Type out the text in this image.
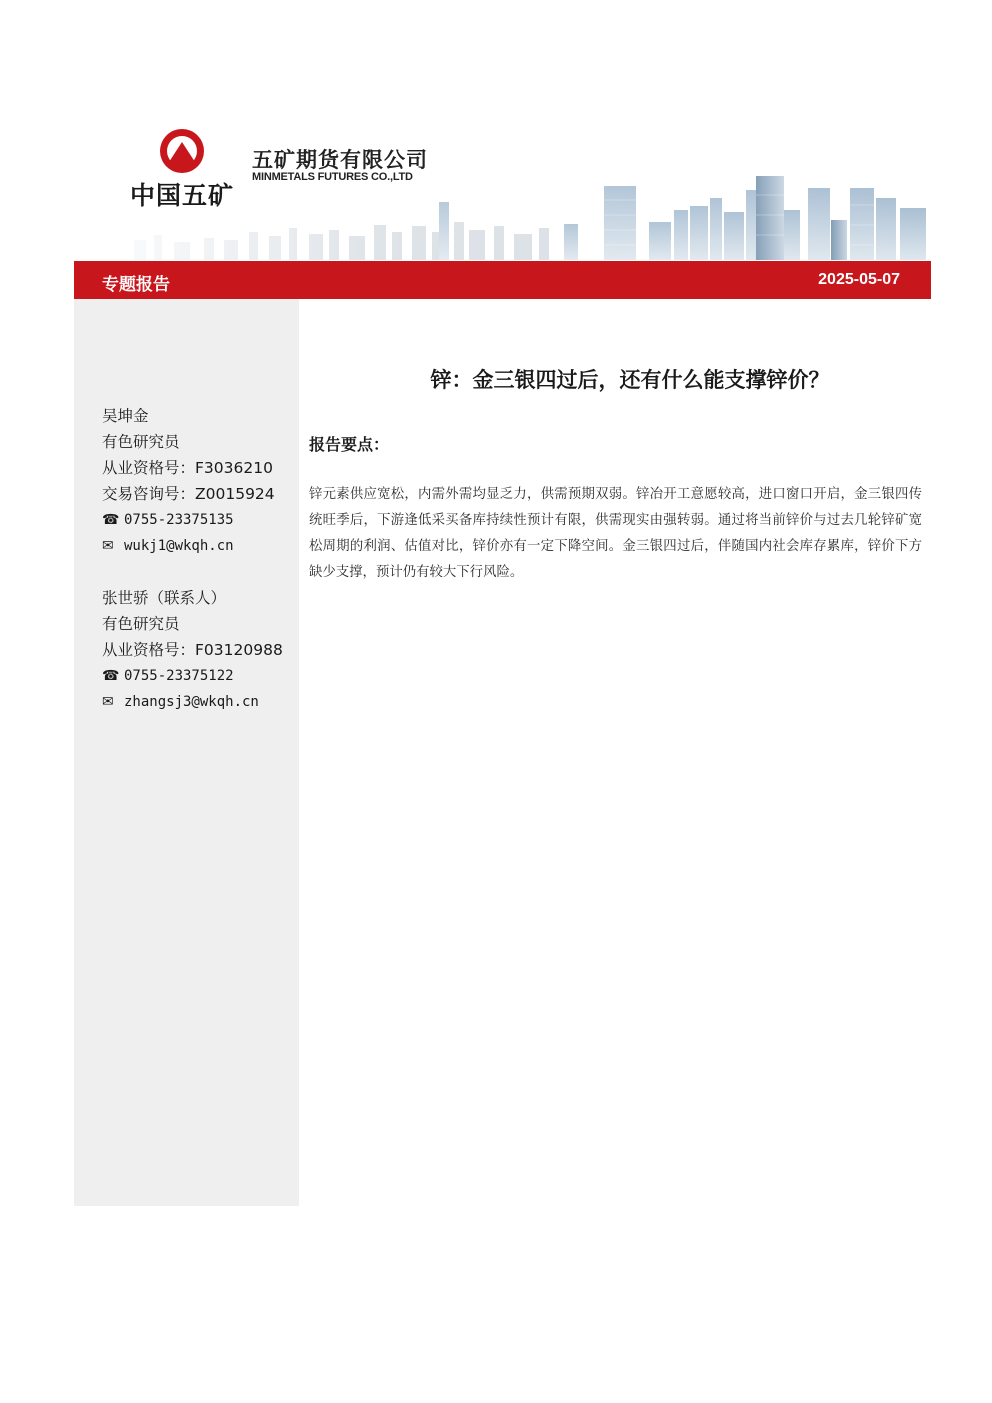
中国五矿
五矿期货有限公司
MINMETALS FUTURES CO.,LTD
专题报告	2025-05-07
吴坤金
有色研究员
从业资格号：F3036210
交易咨询号：Z0015924
☎ 0755-23375135
✉ wukj1@wkqh.cn
张世骄（联系人）
有色研究员
从业资格号：F03120988
☎ 0755-23375122
✉ zhangsj3@wkqh.cn
锌：金三银四过后，还有什么能支撑锌价？
报告要点：
锌元素供应宽松，内需外需均显乏力，供需预期双弱。锌冶开工意愿较高，进口窗口开启，金三银四传统旺季后，下游逢低采买备库持续性预计有限，供需现实由强转弱。通过将当前锌价与过去几轮锌矿宽松周期的利润、估值对比，锌价亦有一定下降空间。金三银四过后，伴随国内社会库存累库，锌价下方缺少支撑，预计仍有较大下行风险。
